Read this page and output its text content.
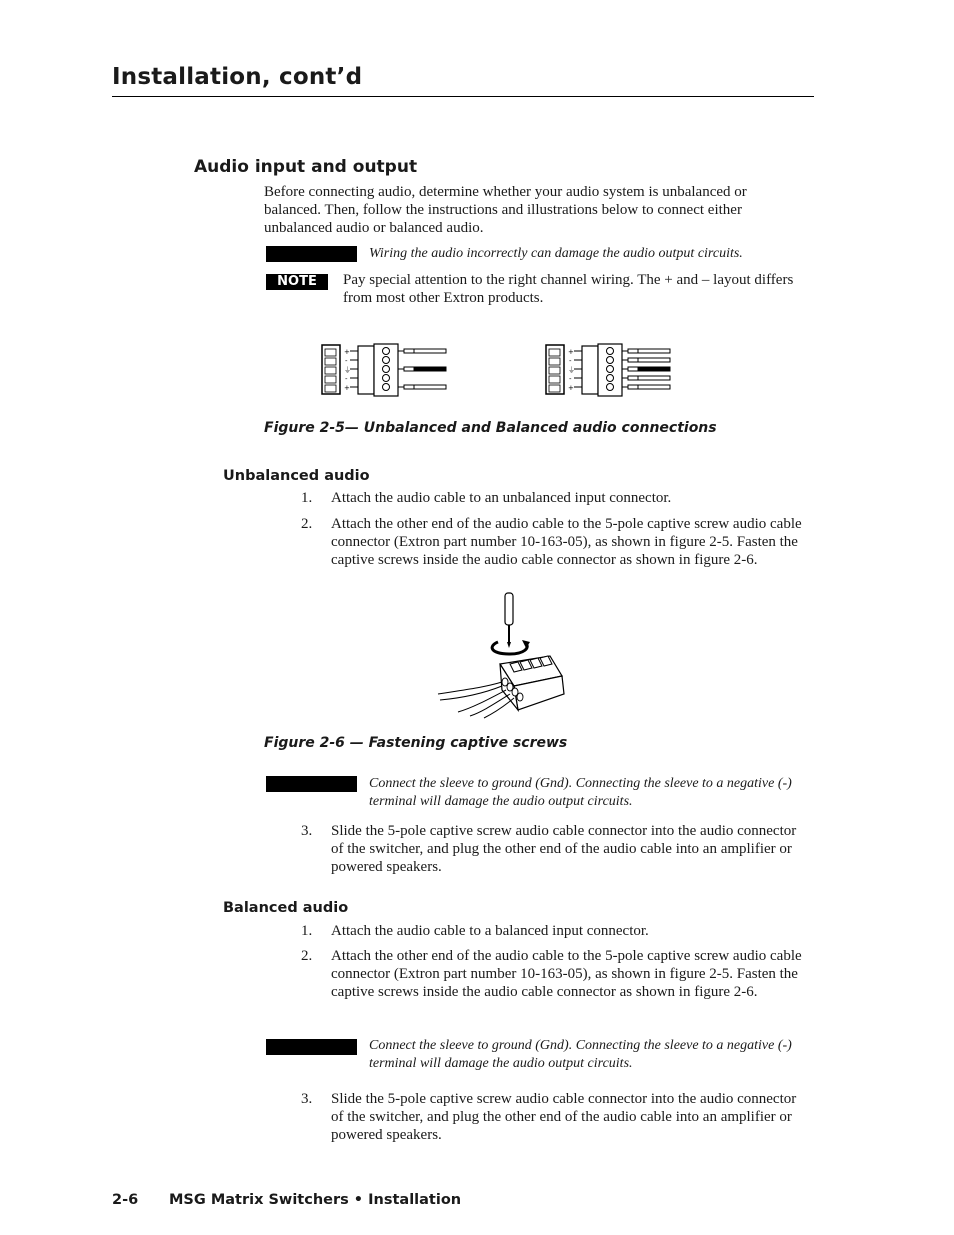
Installation, cont’d
Audio input and output
Before connecting audio, determine whether your audio system is unbalanced or balanced. Then, follow the instructions and illustrations below to connect either unbalanced audio or balanced audio.
Wiring the audio incorrectly can damage the audio output circuits.
NOTE	Pay special attention to the right channel wiring. The + and – layout differs from most other Extron products.
+
-
⏚
-
+
+
-
⏚
-
+
Figure 2-5— Unbalanced and Balanced audio connections
Unbalanced audio
1. Attach the audio cable to an unbalanced input connector.
2. Attach the other end of the audio cable to the 5-pole captive screw audio cable connector (Extron part number 10-163-05), as shown in figure 2-5. Fasten the captive screws inside the audio cable connector as shown in figure 2-6.
Figure 2-6 — Fastening captive screws
Connect the sleeve to ground (Gnd). Connecting the sleeve to a negative (-) terminal will damage the audio output circuits.
3. Slide the 5-pole captive screw audio cable connector into the audio connector of the switcher, and plug the other end of the audio cable into an amplifier or powered speakers.
Balanced audio
1. Attach the audio cable to a balanced input connector.
2. Attach the other end of the audio cable to the 5-pole captive screw audio cable connector (Extron part number 10-163-05), as shown in figure 2-5. Fasten the captive screws inside the audio cable connector as shown in figure 2-6.
Connect the sleeve to ground (Gnd). Connecting the sleeve to a negative (-) terminal will damage the audio output circuits.
3. Slide the 5-pole captive screw audio cable connector into the audio connector of the switcher, and plug the other end of the audio cable into an amplifier or powered speakers.
2-6 MSG Matrix Switchers • Installation
